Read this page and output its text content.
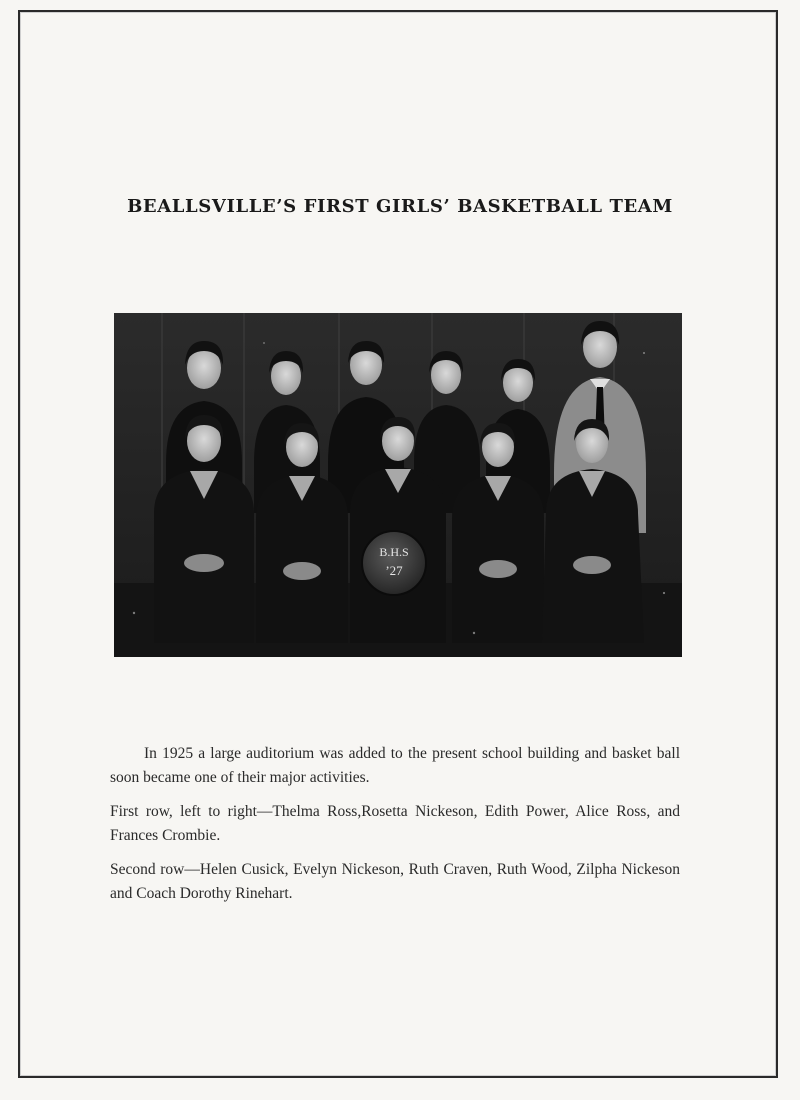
BEALLSVILLE’S FIRST GIRLS’ BASKETBALL TEAM
B.H.S
’27

In 1925 a large auditorium was added to the present school building and basket ball soon became one of their major activities.

First row, left to right—Thelma Ross,Rosetta Nickeson, Edith Power, Alice Ross, and Frances Crombie.

Second row—Helen Cusick, Evelyn Nickeson, Ruth Craven, Ruth Wood, Zilpha Nickeson and Coach Dorothy Rinehart.
